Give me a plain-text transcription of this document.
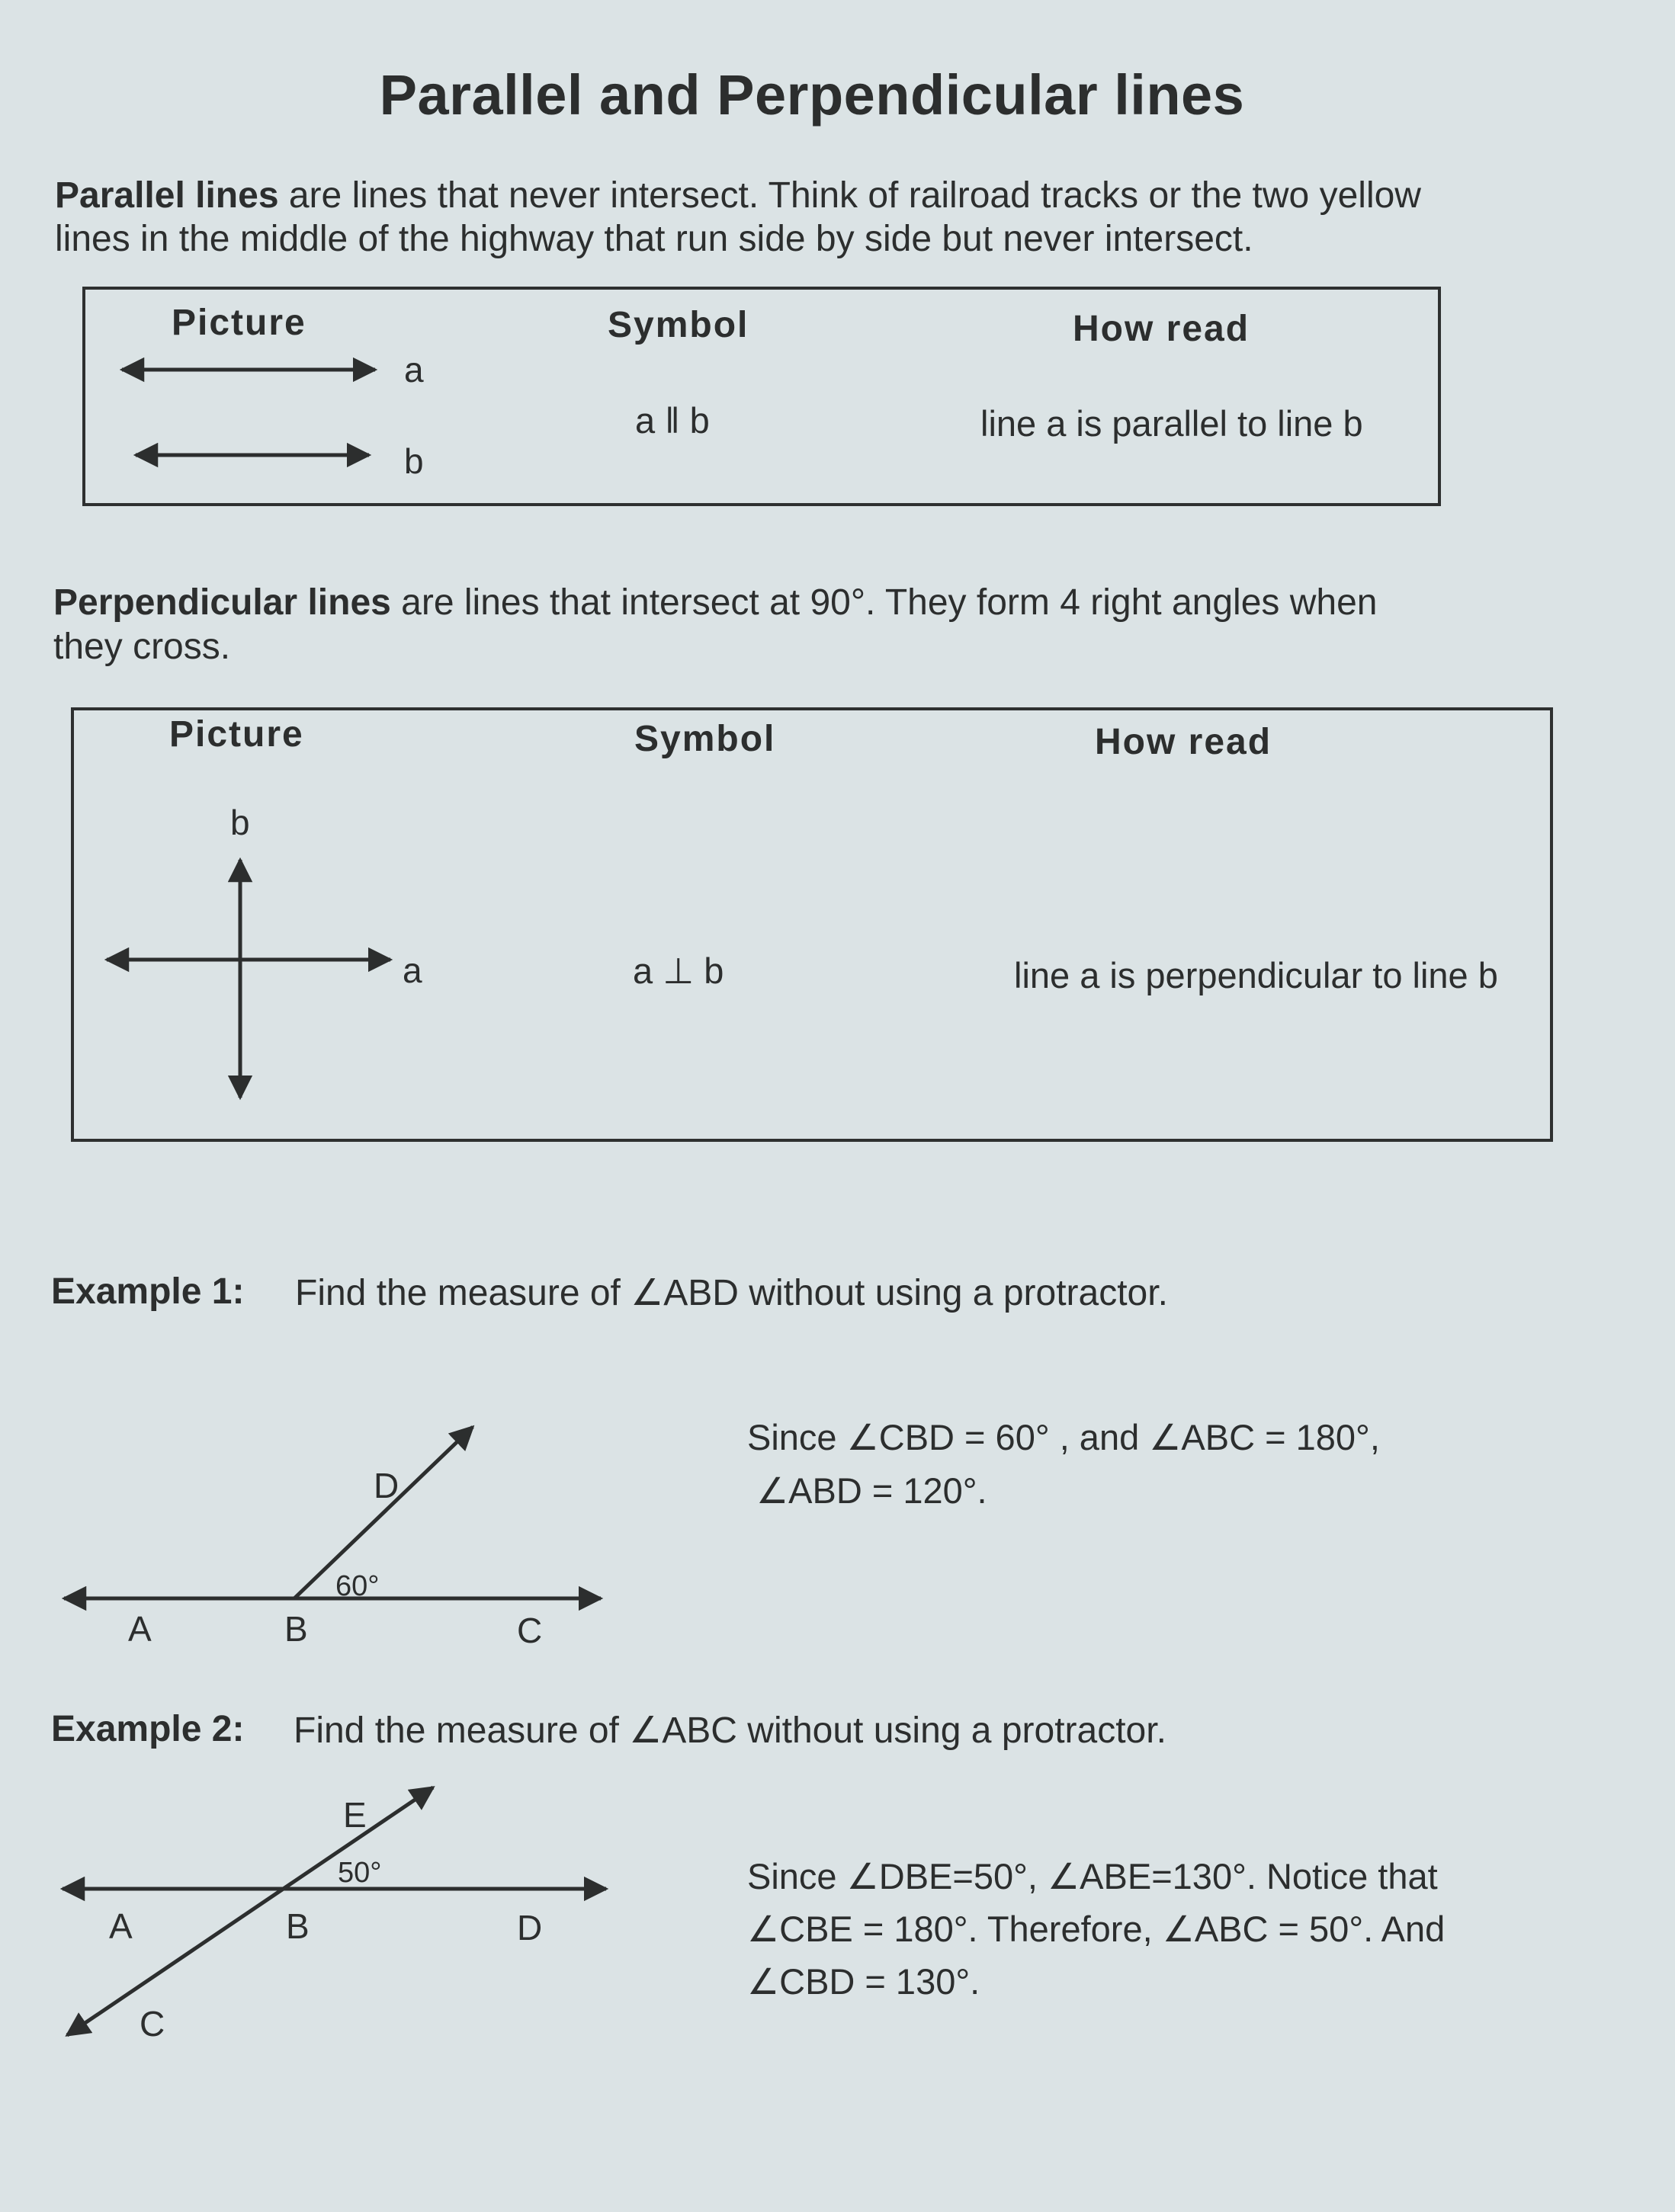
Parallel and Perpendicular lines
Parallel lines are lines that never intersect. Think of railroad tracks or the two yellow
lines in the middle of the highway that run side by side but never intersect.
Picture	Symbol	How read
a
b
a ‖ b	line a is parallel to line b
Perpendicular lines are lines that intersect at 90°. They form 4 right angles when
they cross.
Picture	Symbol	How read
b
a	a ⊥ b	line a is perpendicular to line b
Example 1: Find the measure of ∠ABD without using a protractor.
Since ∠CBD = 60° , and ∠ABC = 180°,
∠ABD = 120°.
D
60°
A	B	C
Example 2: Find the measure of ∠ABC without using a protractor.
E
50°
A	B	D
C
Since ∠DBE=50°, ∠ABE=130°. Notice that
∠CBE = 180°. Therefore, ∠ABC = 50°. And
∠CBD = 130°.
